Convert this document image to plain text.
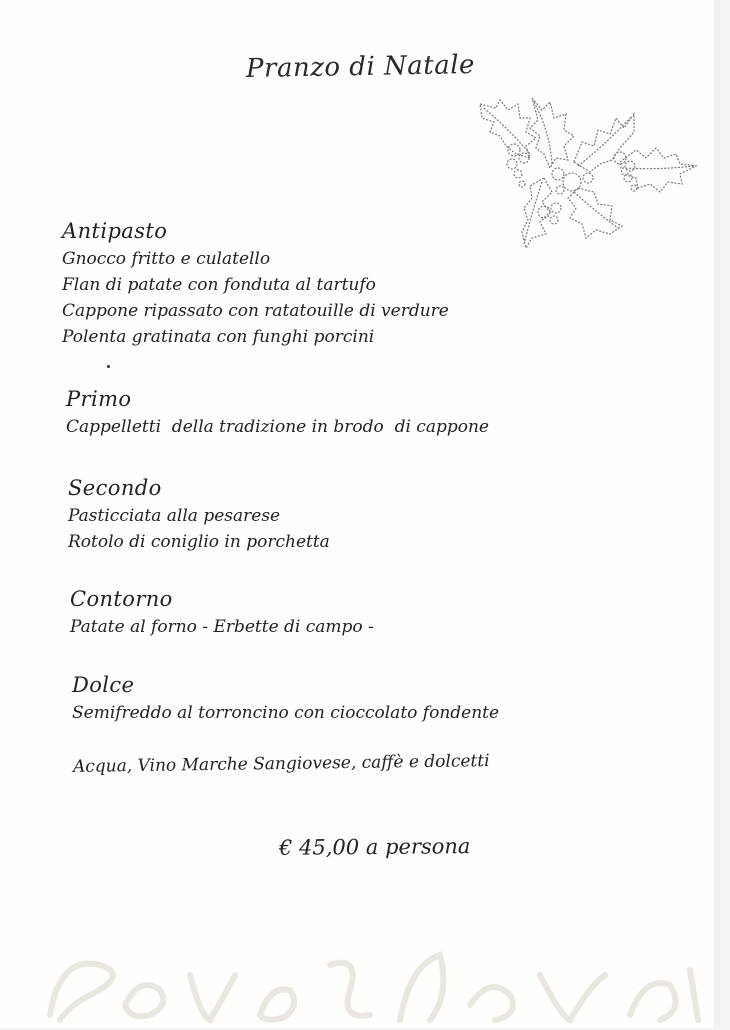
Pranzo di Natale
Antipasto
Gnocco fritto e culatello
Flan di patate con fonduta al tartufo
Cappone ripassato con ratatouille di verdure
Polenta gratinata con funghi porcini
Primo
Cappelletti  della tradizione in brodo  di cappone
Secondo
Pasticciata alla pesarese
Rotolo di coniglio in porchetta
Contorno
Patate al forno - Erbette di campo -
Dolce
Semifreddo al torroncino con cioccolato fondente
Acqua, Vino Marche Sangiovese, caffè e dolcetti
€ 45,00 a persona
